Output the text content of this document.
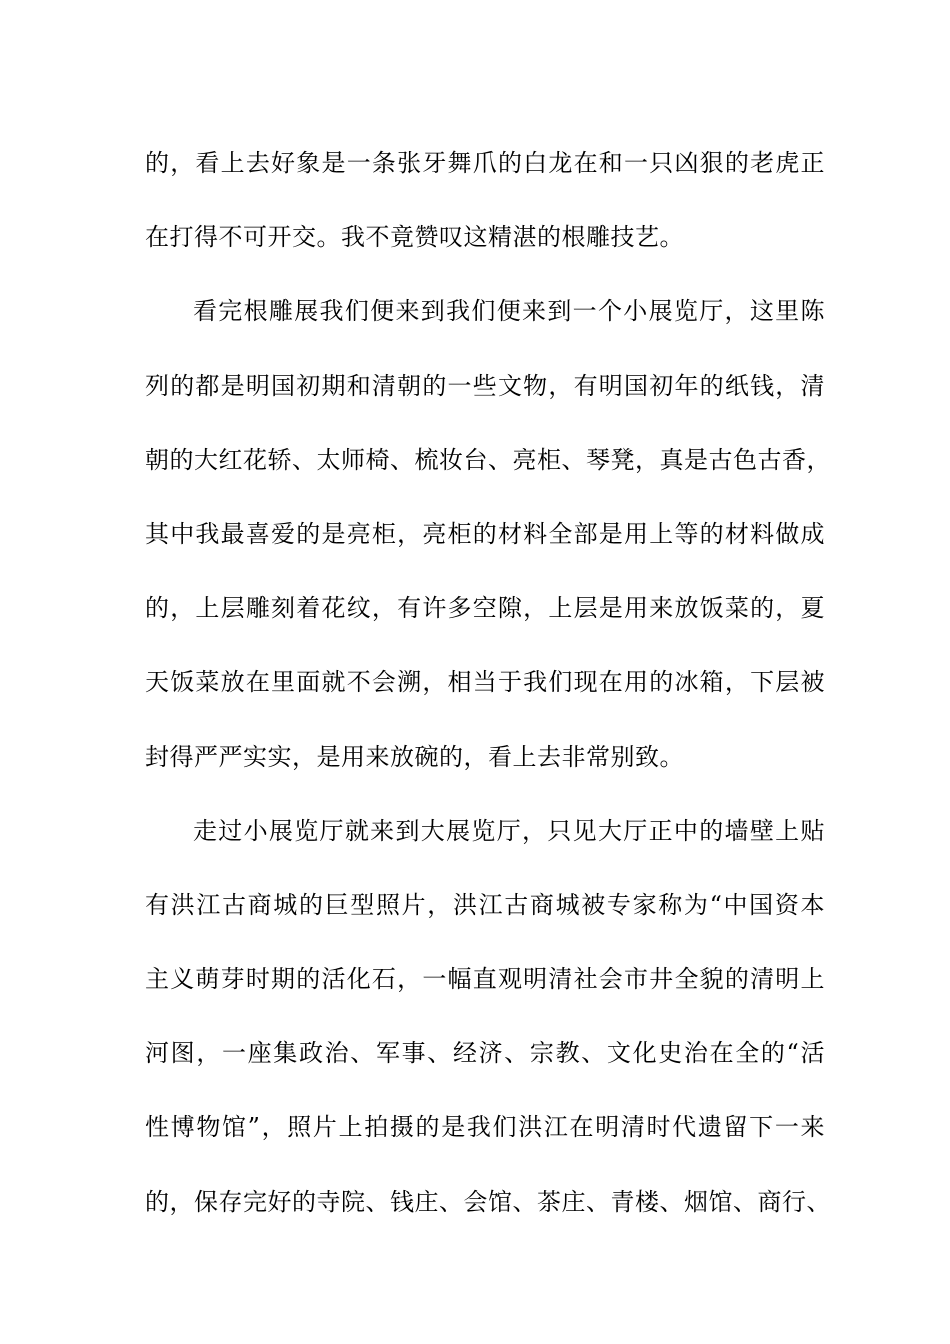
的，看上去好象是一条张牙舞爪的白龙在和一只凶狠的老虎正
在打得不可开交。我不竟赞叹这精湛的根雕技艺。
看完根雕展我们便来到我们便来到一个小展览厅，这里陈
列的都是明国初期和清朝的一些文物，有明国初年的纸钱，清
朝的大红花轿、太师椅、梳妆台、亮柜、琴凳，真是古色古香，
其中我最喜爱的是亮柜，亮柜的材料全部是用上等的材料做成
的，上层雕刻着花纹，有许多空隙，上层是用来放饭菜的，夏
天饭菜放在里面就不会溯，相当于我们现在用的冰箱，下层被
封得严严实实，是用来放碗的，看上去非常别致。
走过小展览厅就来到大展览厅，只见大厅正中的墙壁上贴
有洪江古商城的巨型照片，洪江古商城被专家称为“中国资本
主义萌芽时期的活化石，一幅直观明清社会市井全貌的清明上
河图，一座集政治、军事、经济、宗教、文化史治在全的“活
性博物馆”，照片上拍摄的是我们洪江在明清时代遗留下一来
的，保存完好的寺院、钱庄、会馆、茶庄、青楼、烟馆、商行、
